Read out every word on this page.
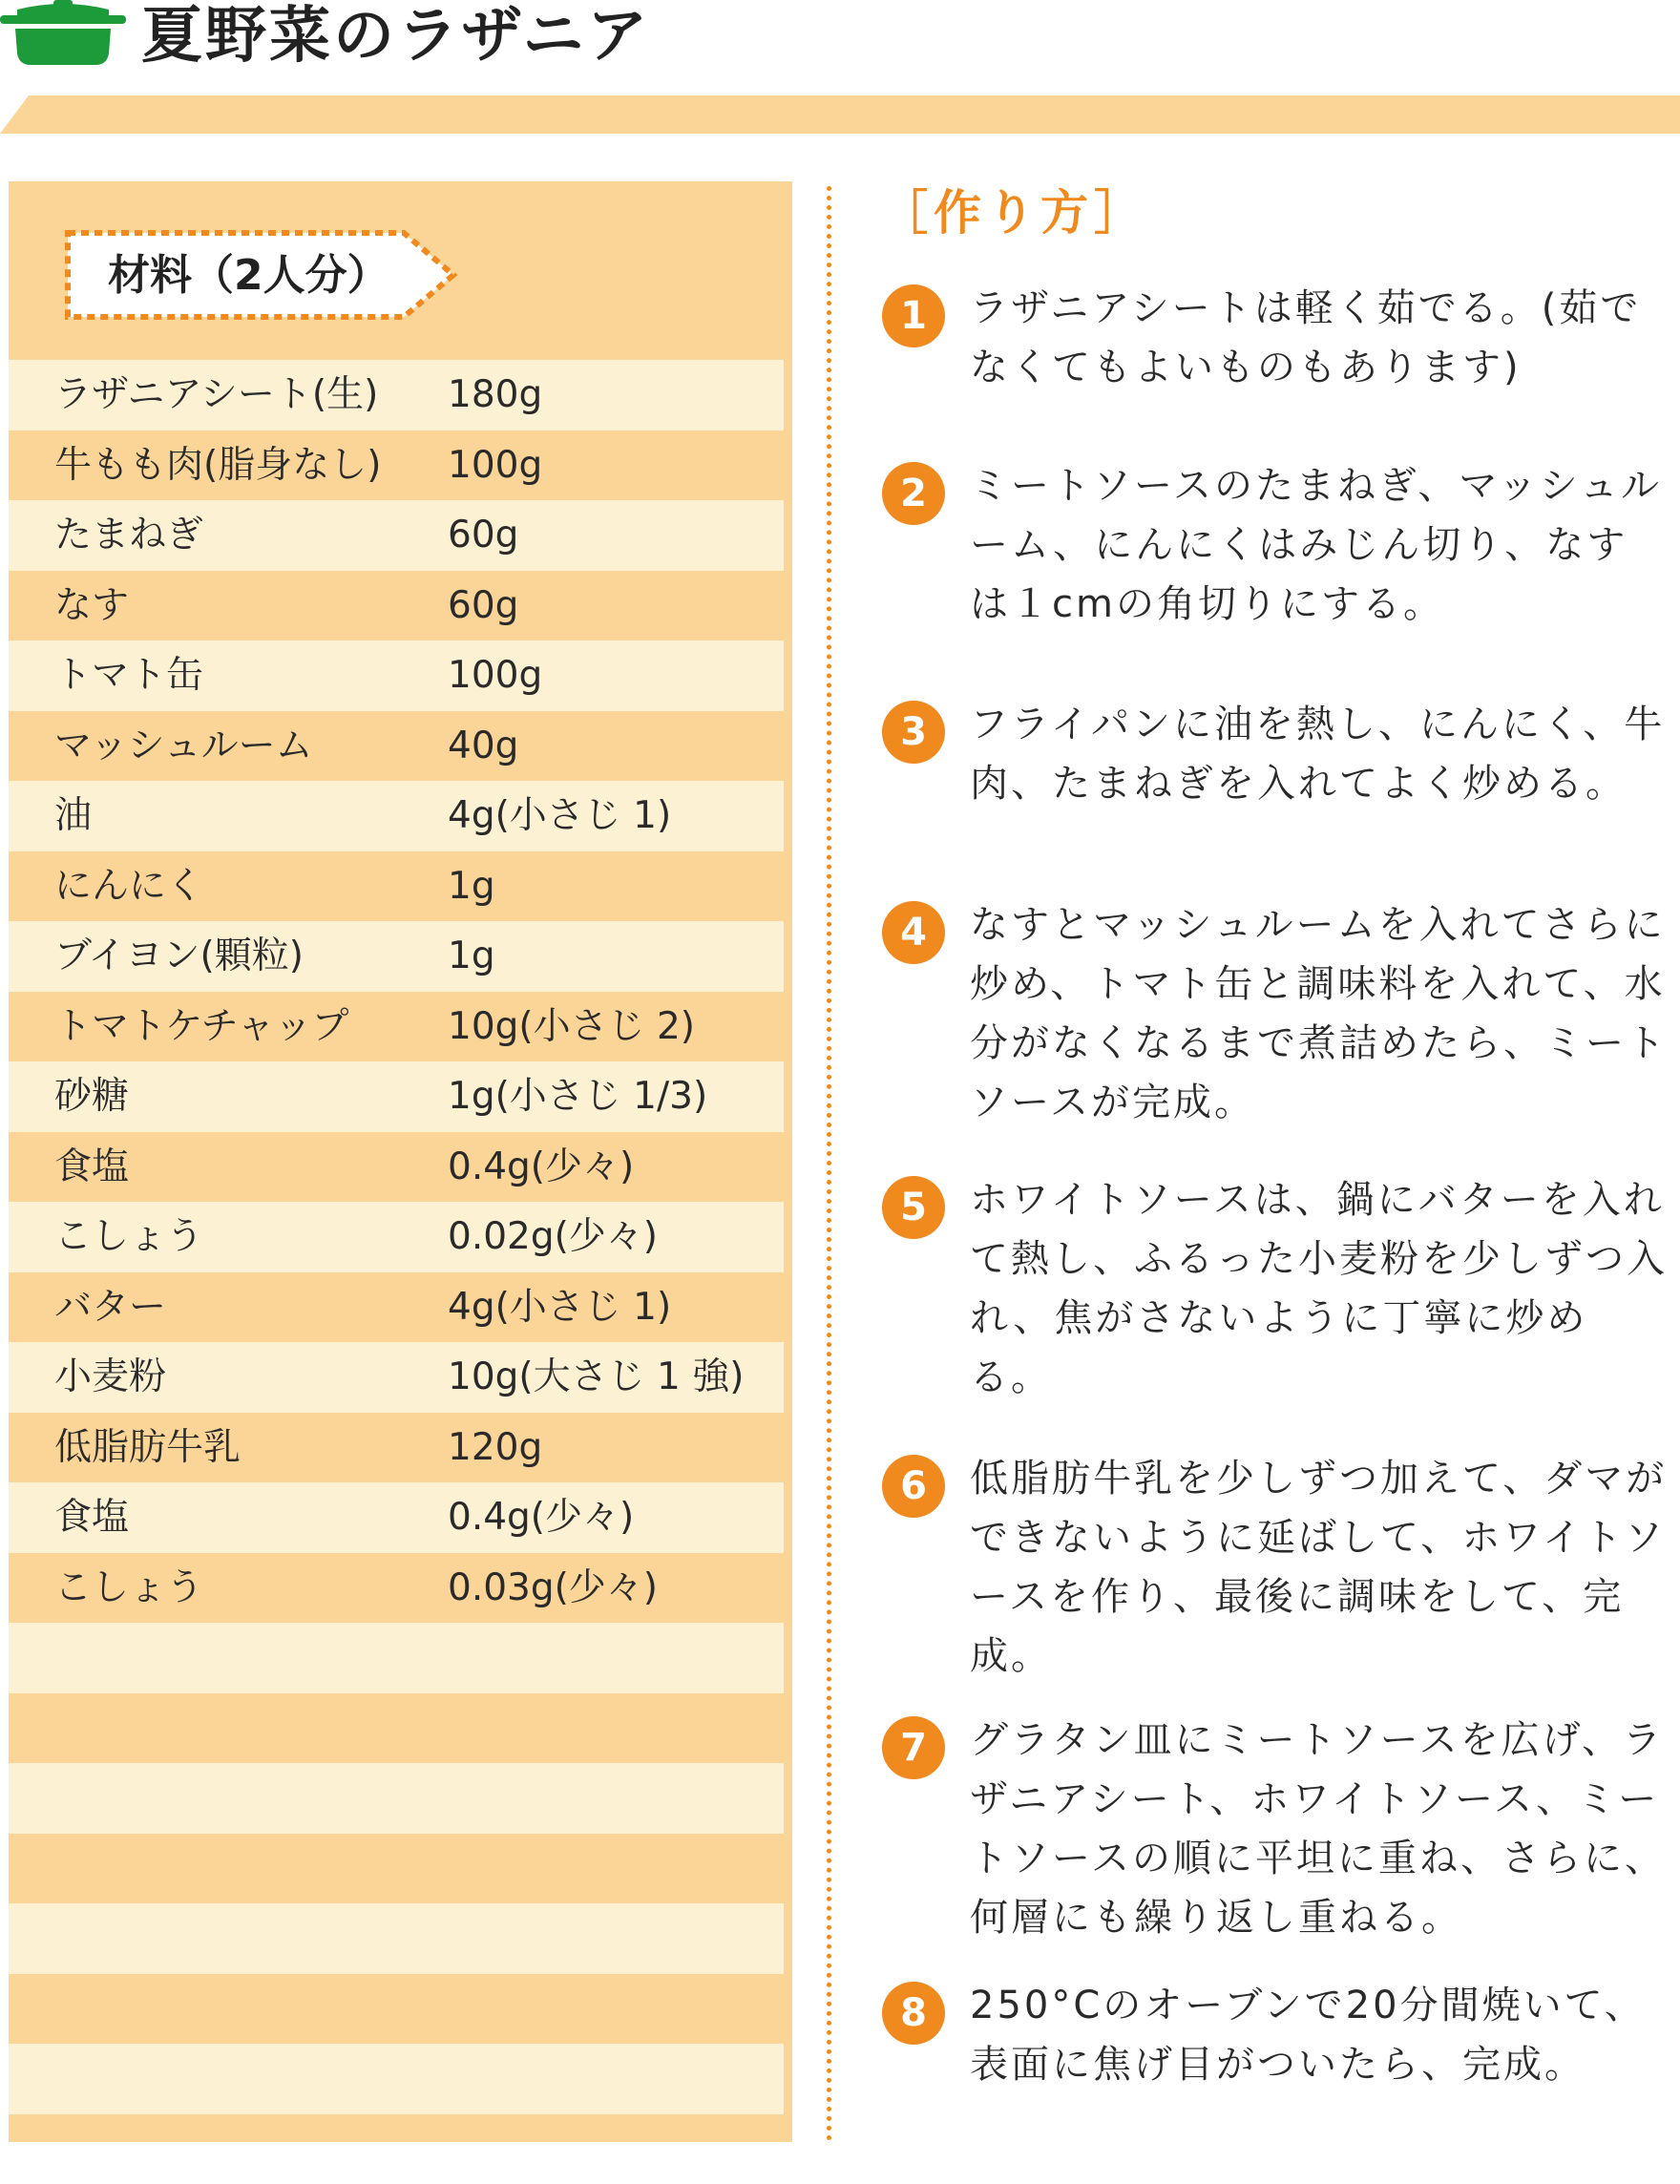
夏野菜のラザニア
材料（2人分）
ラザニアシート(生) 180g
牛もも肉(脂身なし) 100g
たまねぎ	60g
なす	60g
トマト缶	100g
マッシュルーム	40g
油	4g(小さじ 1)
にんにく	1g
ブイヨン(顆粒)	1g
トマトケチャップ	10g(小さじ 2)
砂糖	1g(小さじ 1/3)
食塩	0.4g(少々)
こしょう	0.02g(少々)
バター	4g(小さじ 1)
小麦粉	10g(大さじ 1 強)
低脂肪牛乳	120g
食塩	0.4g(少々)
こしょう	0.03g(少々)
［作り方］
1	ラザニアシートは軽く茹でる。(茹でなくてもよいものもあります)
2	ミートソースのたまねぎ、マッシュルーム、にんにくはみじん切り、なすは１cmの角切りにする。
3	フライパンに油を熱し、にんにく、牛肉、たまねぎを入れてよく炒める。
4	なすとマッシュルームを入れてさらに炒め、トマト缶と調味料を入れて、水分がなくなるまで煮詰めたら、ミートソースが完成。
5	ホワイトソースは、鍋にバターを入れて熱し、ふるった小麦粉を少しずつ入れ、焦がさないように丁寧に炒める。
6	低脂肪牛乳を少しずつ加えて、ダマができないように延ばして、ホワイトソースを作り、最後に調味をして、完成。
7	グラタン皿にミートソースを広げ、ラザニアシート、ホワイトソース、ミートソースの順に平坦に重ね、さらに、何層にも繰り返し重ねる。
8	250°Cのオーブンで20分間焼いて、表面に焦げ目がついたら、完成。
